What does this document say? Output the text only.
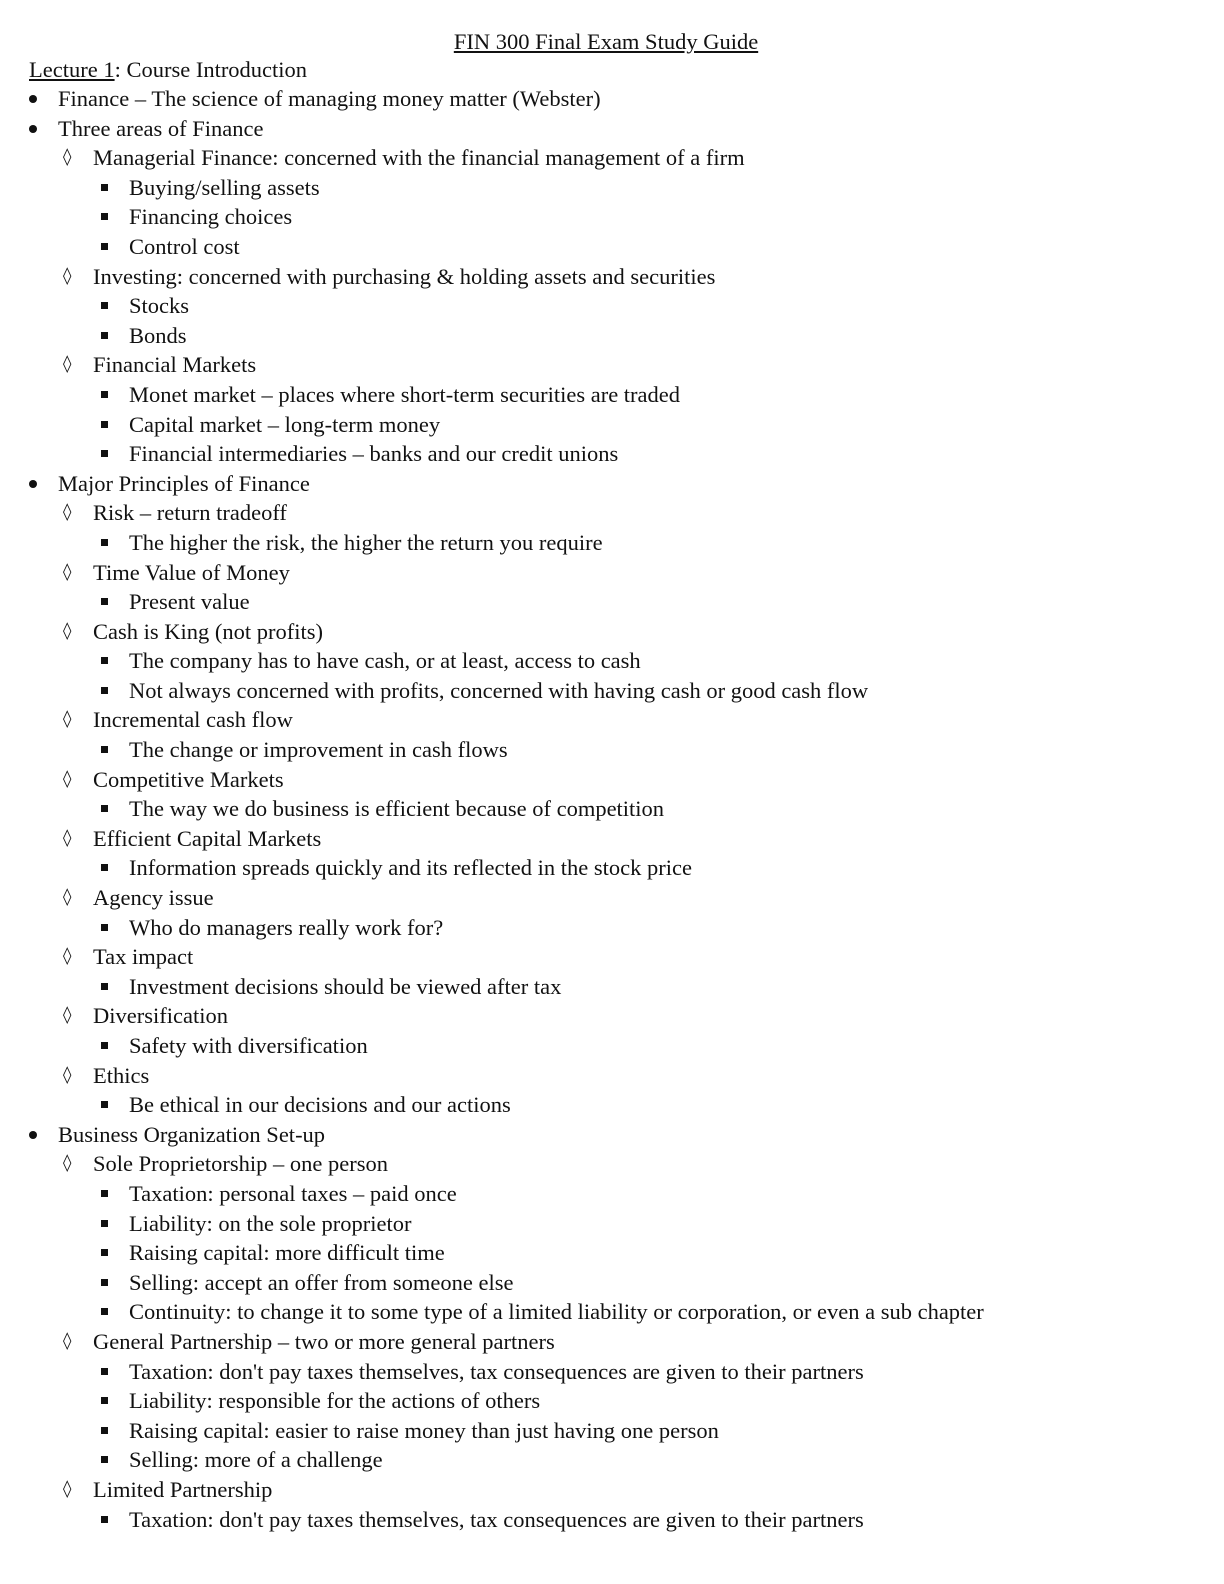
FIN 300 Final Exam Study Guide
Lecture 1: Course Introduction
Finance – The science of managing money matter (Webster)
Three areas of Finance
◊ Managerial Finance: concerned with the financial management of a firm
Buying/selling assets
Financing choices
Control cost
◊ Investing: concerned with purchasing & holding assets and securities
Stocks
Bonds
◊ Financial Markets
Monet market – places where short-term securities are traded
Capital market – long-term money
Financial intermediaries – banks and our credit unions
Major Principles of Finance
◊ Risk – return tradeoff
The higher the risk, the higher the return you require
◊ Time Value of Money
Present value
◊ Cash is King (not profits)
The company has to have cash, or at least, access to cash
Not always concerned with profits, concerned with having cash or good cash flow
◊ Incremental cash flow
The change or improvement in cash flows
◊ Competitive Markets
The way we do business is efficient because of competition
◊ Efficient Capital Markets
Information spreads quickly and its reflected in the stock price
◊ Agency issue
Who do managers really work for?
◊ Tax impact
Investment decisions should be viewed after tax
◊ Diversification
Safety with diversification
◊ Ethics
Be ethical in our decisions and our actions
Business Organization Set-up
◊ Sole Proprietorship – one person
Taxation: personal taxes – paid once
Liability: on the sole proprietor
Raising capital: more difficult time
Selling: accept an offer from someone else
Continuity: to change it to some type of a limited liability or corporation, or even a sub chapter
◊ General Partnership – two or more general partners
Taxation: don't pay taxes themselves, tax consequences are given to their partners
Liability: responsible for the actions of others
Raising capital: easier to raise money than just having one person
Selling: more of a challenge
◊ Limited Partnership
Taxation: don't pay taxes themselves, tax consequences are given to their partners
